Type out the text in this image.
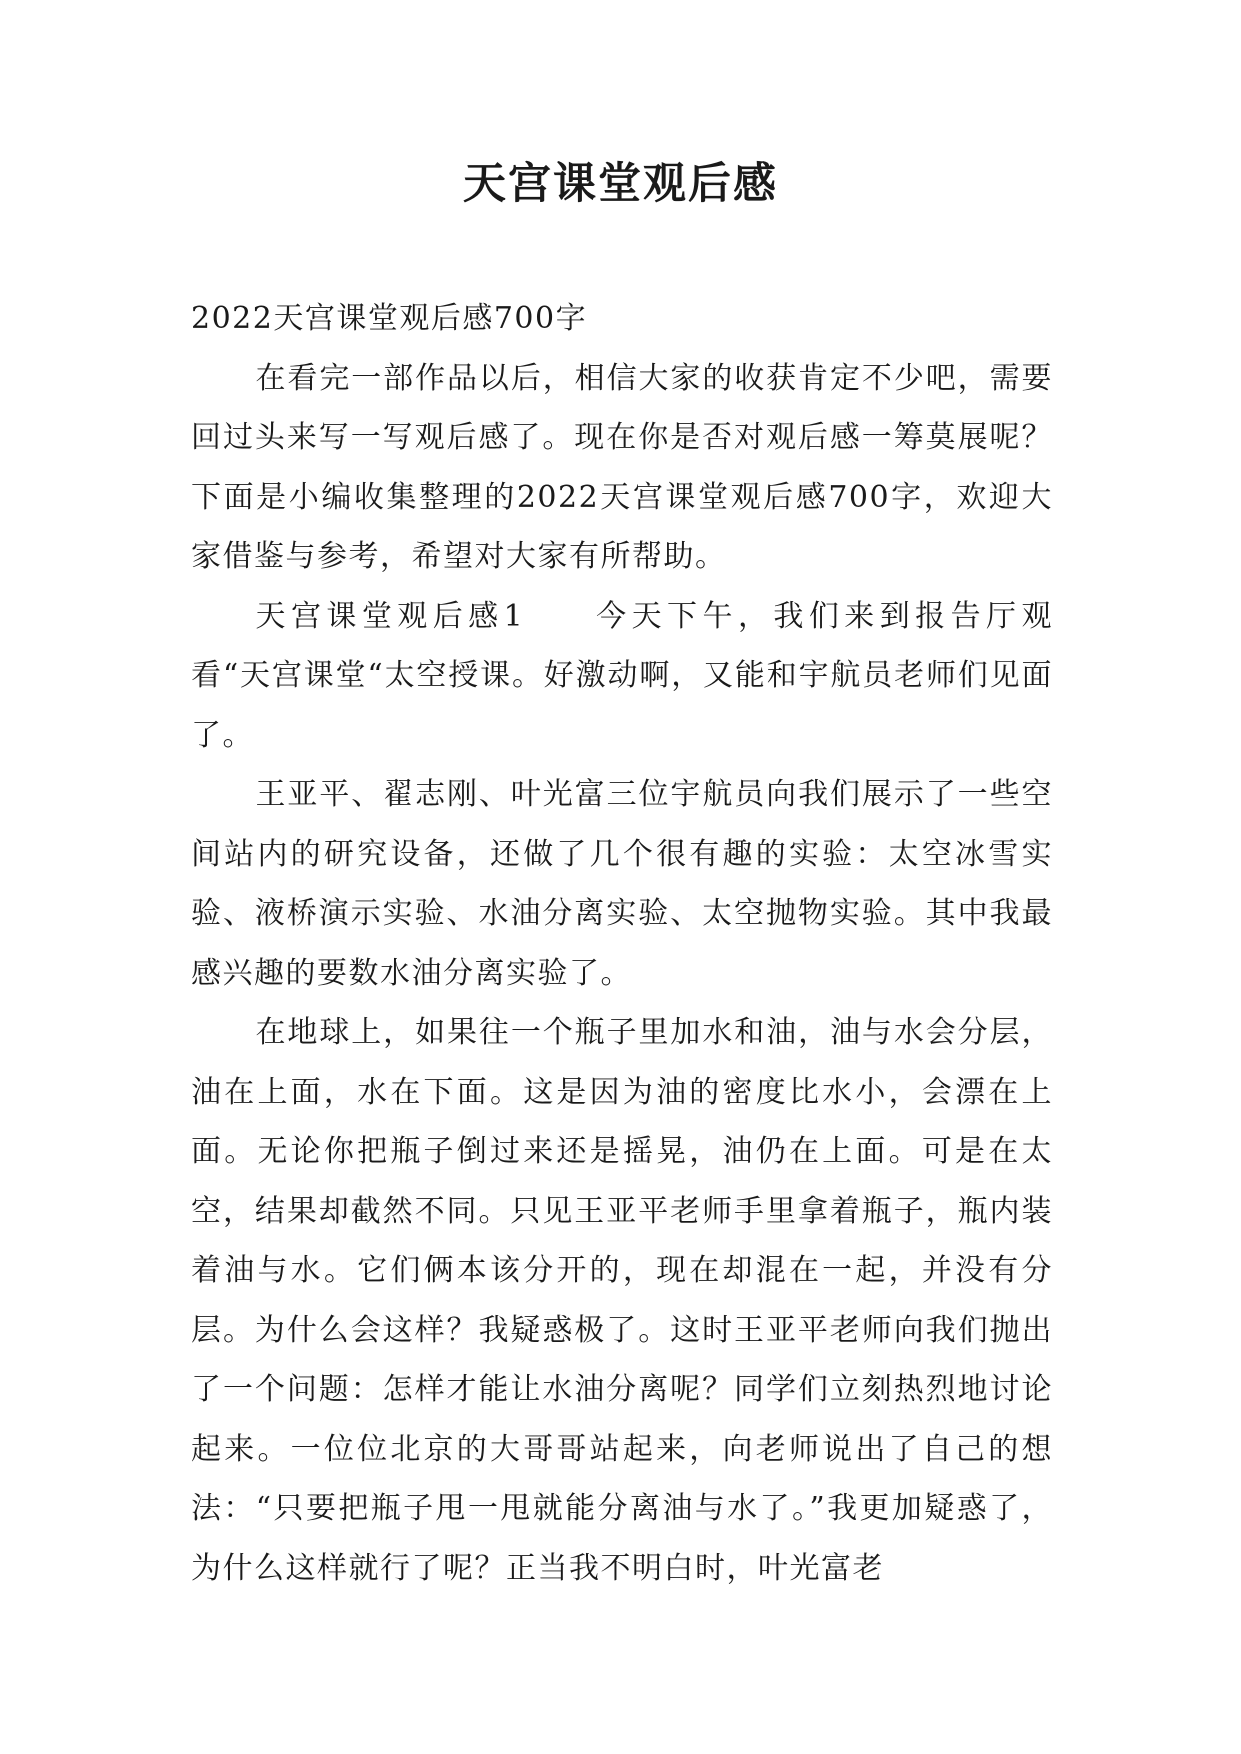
天宫课堂观后感

2022天宫课堂观后感700字

在看完一部作品以后，相信大家的收获肯定不少吧，需要回过头来写一写观后感了。现在你是否对观后感一筹莫展呢？下面是小编收集整理的2022天宫课堂观后感700字，欢迎大家借鉴与参考，希望对大家有所帮助。

天宫课堂观后感1 今天下午，我们来到报告厅观看“天宫课堂“太空授课。好激动啊，又能和宇航员老师们见面了。

王亚平、翟志刚、叶光富三位宇航员向我们展示了一些空间站内的研究设备，还做了几个很有趣的实验：太空冰雪实验、液桥演示实验、水油分离实验、太空抛物实验。其中我最感兴趣的要数水油分离实验了。

在地球上，如果往一个瓶子里加水和油，油与水会分层，油在上面，水在下面。这是因为油的密度比水小，会漂在上面。无论你把瓶子倒过来还是摇晃，油仍在上面。可是在太空，结果却截然不同。只见王亚平老师手里拿着瓶子，瓶内装着油与水。它们俩本该分开的，现在却混在一起，并没有分层。为什么会这样？我疑惑极了。这时王亚平老师向我们抛出了一个问题：怎样才能让水油分离呢？同学们立刻热烈地讨论起来。一位位北京的大哥哥站起来，向老师说出了自己的想法：“只要把瓶子甩一甩就能分离油与水了。”我更加疑惑了，为什么这样就行了呢？正当我不明白时，叶光富老
